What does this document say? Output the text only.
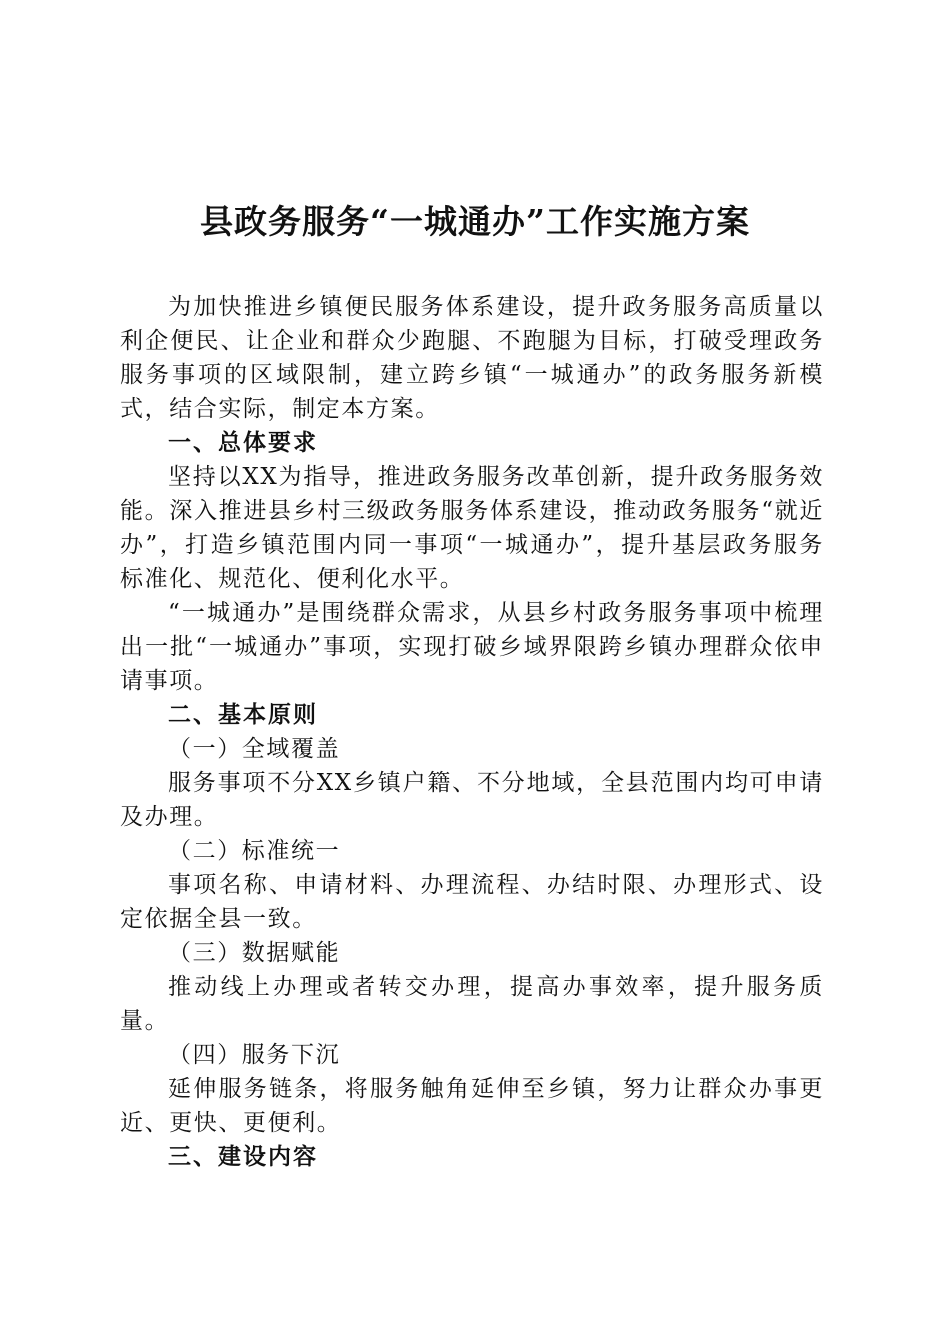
县政务服务“一城通办”工作实施方案

为加快推进乡镇便民服务体系建设，提升政务服务高质量以利企便民、让企业和群众少跑腿、不跑腿为目标，打破受理政务服务事项的区域限制，建立跨乡镇“一城通办”的政务服务新模式，结合实际，制定本方案。

一、总体要求

坚持以XX为指导，推进政务服务改革创新，提升政务服务效能。深入推进县乡村三级政务服务体系建设，推动政务服务“就近办”，打造乡镇范围内同一事项“一城通办”，提升基层政务服务标准化、规范化、便利化水平。

“一城通办”是围绕群众需求，从县乡村政务服务事项中梳理出一批“一城通办”事项，实现打破乡域界限跨乡镇办理群众依申请事项。

二、基本原则

（一）全域覆盖

服务事项不分XX乡镇户籍、不分地域，全县范围内均可申请及办理。

（二）标准统一

事项名称、申请材料、办理流程、办结时限、办理形式、设定依据全县一致。

（三）数据赋能

推动线上办理或者转交办理，提高办事效率，提升服务质量。

（四）服务下沉

延伸服务链条，将服务触角延伸至乡镇，努力让群众办事更近、更快、更便利。

三、建设内容
